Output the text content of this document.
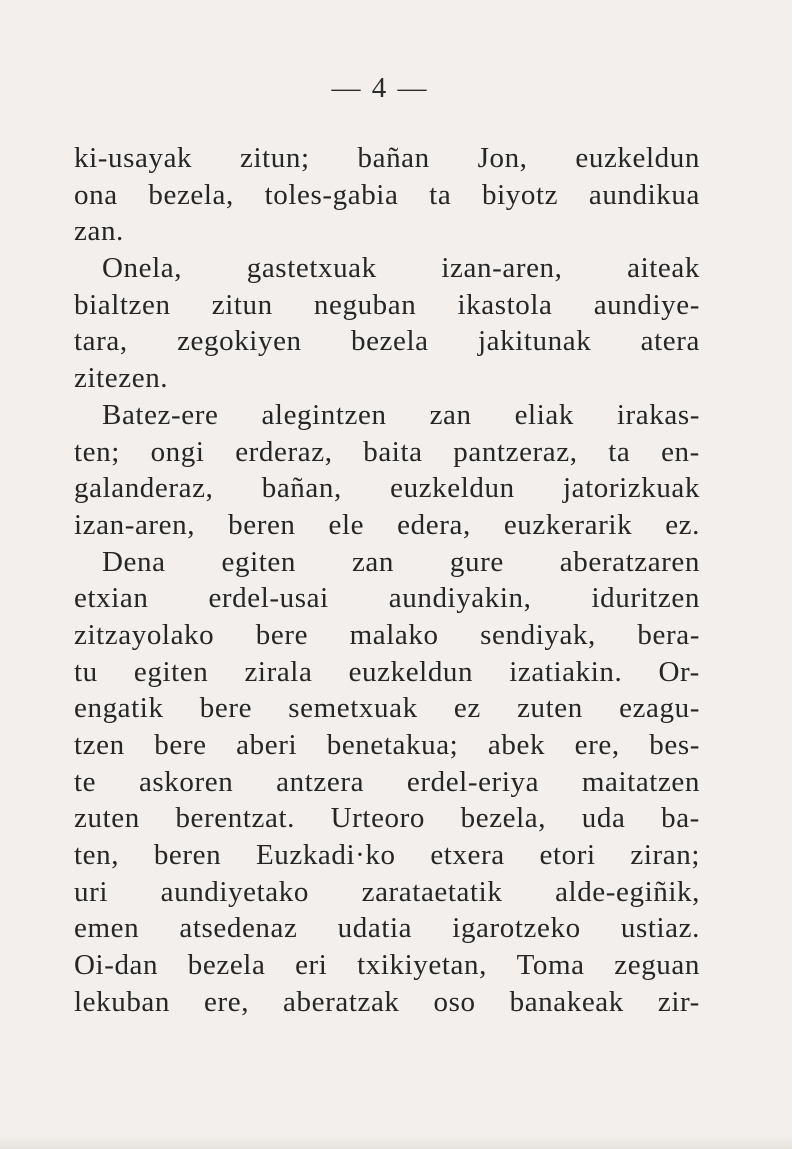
— 4 —
ki-usayak zitun; bañan Jon, euzkeldun
ona bezela, toles-gabia ta biyotz aundikua
zan.
Onela, gastetxuak izan-aren, aiteak
bialtzen zitun neguban ikastola aundiye-
tara, zegokiyen bezela jakitunak atera
zitezen.
Batez-ere alegintzen zan eliak irakas-
ten; ongi erderaz, baita pantzeraz, ta en-
galanderaz, bañan, euzkeldun jatorizkuak
izan-aren, beren ele edera, euzkerarik ez.
Dena egiten zan gure aberatzaren
etxian erdel-usai aundiyakin, iduritzen
zitzayolako bere malako sendiyak, bera-
tu egiten zirala euzkeldun izatiakin. Or-
engatik bere semetxuak ez zuten ezagu-
tzen bere aberi benetakua; abek ere, bes-
te askoren antzera erdel-eriya maitatzen
zuten berentzat. Urteoro bezela, uda ba-
ten, beren Euzkadi·ko etxera etori ziran;
uri aundiyetako zarataetatik alde-egiñik,
emen atsedenaz udatia igarotzeko ustiaz.
Oi-dan bezela eri txikiyetan, Toma zeguan
lekuban ere, aberatzak oso banakeak zir-
